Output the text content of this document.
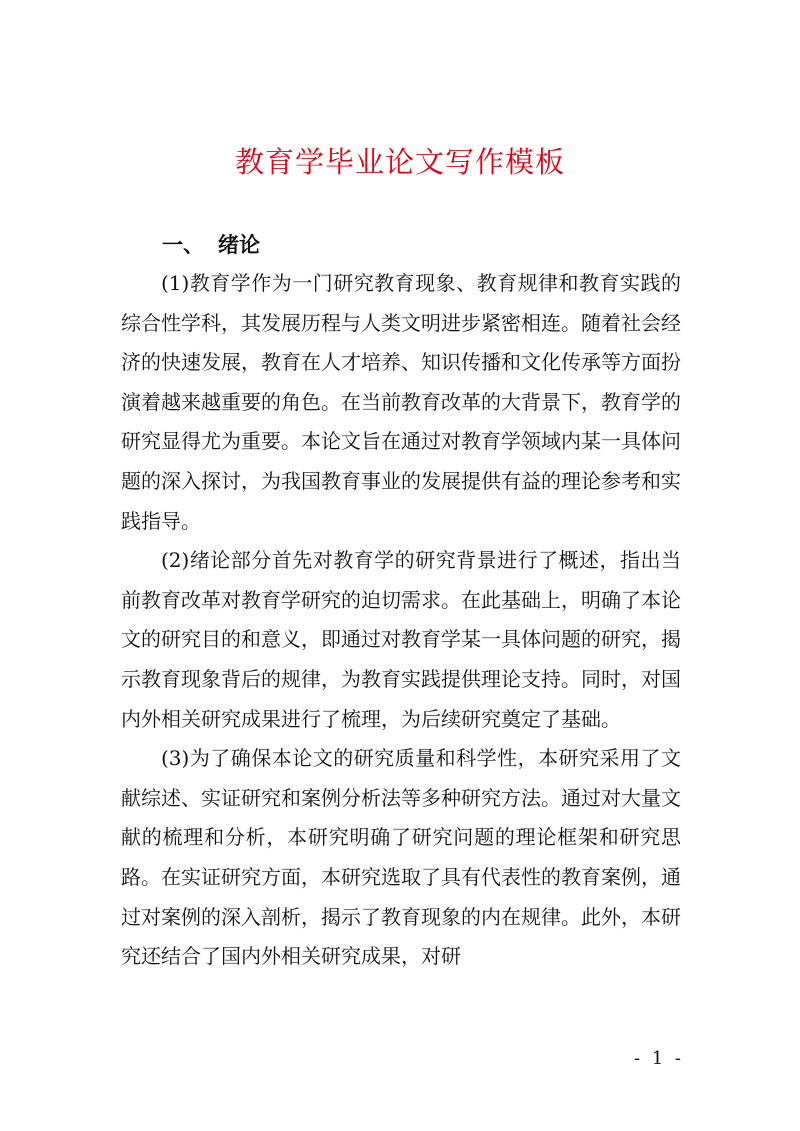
教育学毕业论文写作模板
一、 绪论

(1)教育学作为一门研究教育现象、教育规律和教育实践的综合性学科，其发展历程与人类文明进步紧密相连。随着社会经济的快速发展，教育在人才培养、知识传播和文化传承等方面扮演着越来越重要的角色。在当前教育改革的大背景下，教育学的研究显得尤为重要。本论文旨在通过对教育学领域内某一具体问题的深入探讨，为我国教育事业的发展提供有益的理论参考和实践指导。

(2)绪论部分首先对教育学的研究背景进行了概述，指出当前教育改革对教育学研究的迫切需求。在此基础上，明确了本论文的研究目的和意义，即通过对教育学某一具体问题的研究，揭示教育现象背后的规律，为教育实践提供理论支持。同时，对国内外相关研究成果进行了梳理，为后续研究奠定了基础。

(3)为了确保本论文的研究质量和科学性，本研究采用了文献综述、实证研究和案例分析法等多种研究方法。通过对大量文献的梳理和分析，本研究明确了研究问题的理论框架和研究思路。在实证研究方面，本研究选取了具有代表性的教育案例，通过对案例的深入剖析，揭示了教育现象的内在规律。此外，本研究还结合了国内外相关研究成果，对研

- 1 -
